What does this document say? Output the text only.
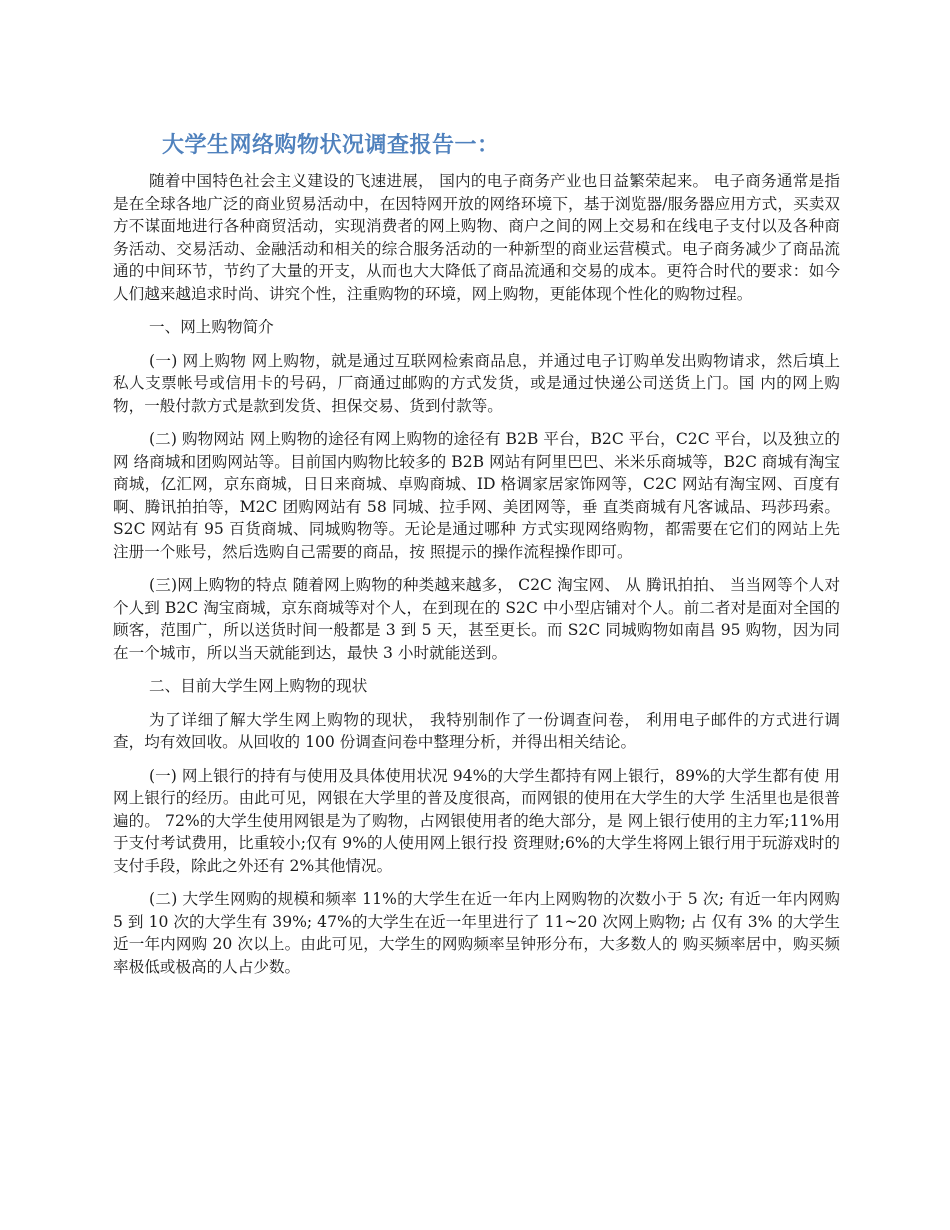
大学生网络购物状况调查报告一：

随着中国特色社会主义建设的飞速进展， 国内的电子商务产业也日益繁荣起来。 电子商务通常是指是在全球各地广泛的商业贸易活动中，在因特网开放的网络环境下，基于浏览器/服务器应用方式，买卖双方不谋面地进行各种商贸活动，实现消费者的网上购物、商户之间的网上交易和在线电子支付以及各种商务活动、交易活动、金融活动和相关的综合服务活动的一种新型的商业运营模式。电子商务减少了商品流通的中间环节，节约了大量的开支，从而也大大降低了商品流通和交易的成本。更符合时代的要求：如今人们越来越追求时尚、讲究个性，注重购物的环境，网上购物，更能体现个性化的购物过程。

一、网上购物简介

(一) 网上购物 网上购物，就是通过互联网检索商品息，并通过电子订购单发出购物请求，然后填上 私人支票帐号或信用卡的号码，厂商通过邮购的方式发货，或是通过快递公司送货上门。国 内的网上购物，一般付款方式是款到发货、担保交易、货到付款等。

(二) 购物网站 网上购物的途径有网上购物的途径有 B2B 平台，B2C 平台，C2C 平台，以及独立的网 络商城和团购网站等。目前国内购物比较多的 B2B 网站有阿里巴巴、米米乐商城等，B2C 商城有淘宝商城，亿汇网，京东商城，日日来商城、卓购商城、ID 格调家居家饰网等，C2C 网站有淘宝网、百度有啊、腾讯拍拍等，M2C 团购网站有 58 同城、拉手网、美团网等，垂 直类商城有凡客诚品、玛莎玛索。S2C 网站有 95 百货商城、同城购物等。无论是通过哪种 方式实现网络购物，都需要在它们的网站上先注册一个账号，然后选购自己需要的商品，按 照提示的操作流程操作即可。

(三)网上购物的特点 随着网上购物的种类越来越多， C2C 淘宝网、 从 腾讯拍拍、 当当网等个人对个人到 B2C 淘宝商城，京东商城等对个人，在到现在的 S2C 中小型店铺对个人。前二者对是面对全国的顾客，范围广，所以送货时间一般都是 3 到 5 天，甚至更长。而 S2C 同城购物如南昌 95 购物，因为同在一个城市，所以当天就能到达，最快 3 小时就能送到。

二、目前大学生网上购物的现状

为了详细了解大学生网上购物的现状， 我特别制作了一份调查问卷， 利用电子邮件的方式进行调查，均有效回收。从回收的 100 份调查问卷中整理分析，并得出相关结论。

(一) 网上银行的持有与使用及具体使用状况 94%的大学生都持有网上银行，89%的大学生都有使 用网上银行的经历。由此可见，网银在大学里的普及度很高，而网银的使用在大学生的大学 生活里也是很普遍的。 72%的大学生使用网银是为了购物，占网银使用者的绝大部分，是 网上银行使用的主力军;11%用于支付考试费用，比重较小;仅有 9%的人使用网上银行投 资理财;6%的大学生将网上银行用于玩游戏时的支付手段，除此之外还有 2%其他情况。

(二) 大学生网购的规模和频率 11%的大学生在近一年内上网购物的次数小于 5 次; 有近一年内网购 5 到 10 次的大学生有 39%; 47%的大学生在近一年里进行了 11~20 次网上购物; 占 仅有 3% 的大学生近一年内网购 20 次以上。由此可见，大学生的网购频率呈钟形分布，大多数人的 购买频率居中，购买频率极低或极高的人占少数。
